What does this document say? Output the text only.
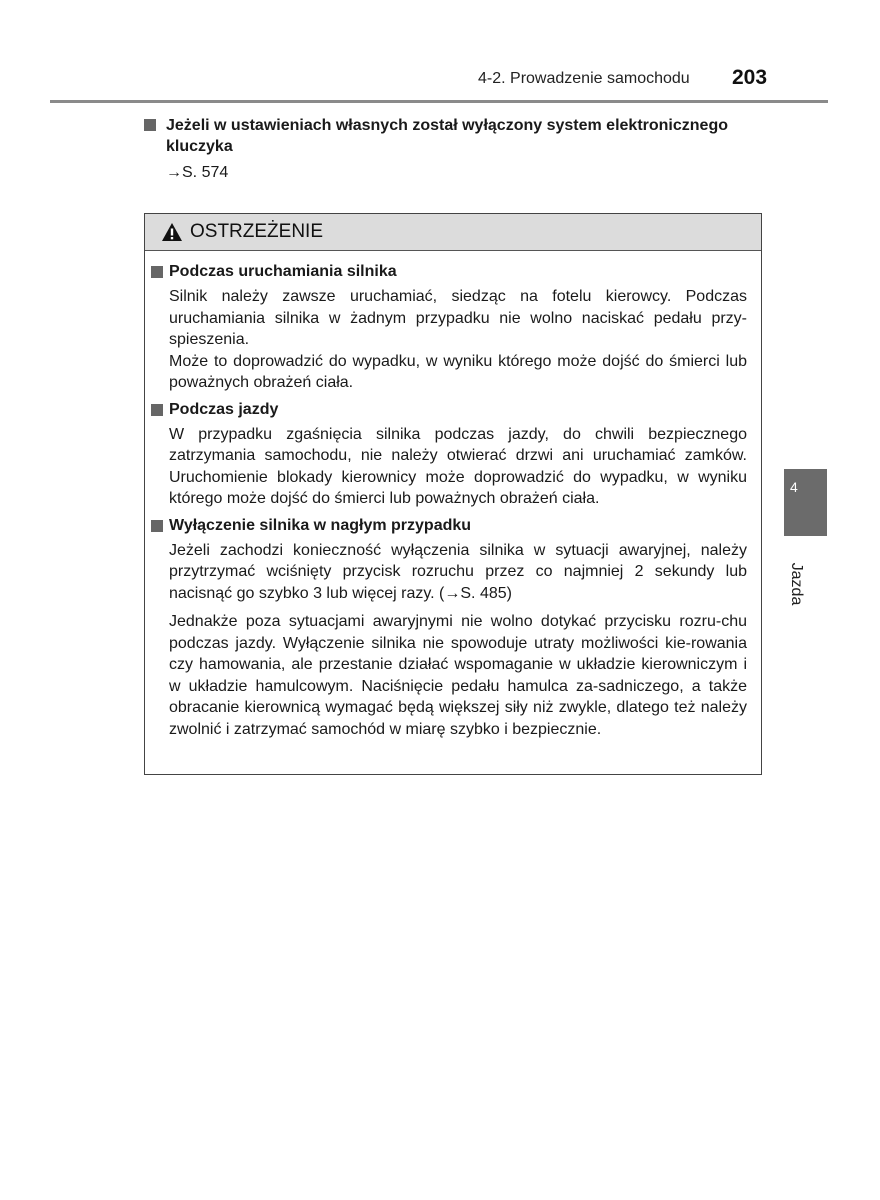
4-2. Prowadzenie samochodu 203
Jeżeli w ustawieniach własnych został wyłączony system elektronicznego kluczyka
→S. 574
OSTRZEŻENIE
Podczas uruchamiania silnika
Silnik należy zawsze uruchamiać, siedząc na fotelu kierowcy. Podczas uruchamiania silnika w żadnym przypadku nie wolno naciskać pedału przy-spieszenia.
Może to doprowadzić do wypadku, w wyniku którego może dojść do śmierci lub poważnych obrażeń ciała.
Podczas jazdy
W przypadku zgaśnięcia silnika podczas jazdy, do chwili bezpiecznego zatrzymania samochodu, nie należy otwierać drzwi ani uruchamiać zamków. Uruchomienie blokady kierownicy może doprowadzić do wypadku, w wyniku którego może dojść do śmierci lub poważnych obrażeń ciała.
Wyłączenie silnika w nagłym przypadku
Jeżeli zachodzi konieczność wyłączenia silnika w sytuacji awaryjnej, należy przytrzymać wciśnięty przycisk rozruchu przez co najmniej 2 sekundy lub nacisnąć go szybko 3 lub więcej razy. (→S. 485)
Jednakże poza sytuacjami awaryjnymi nie wolno dotykać przycisku rozru-chu podczas jazdy. Wyłączenie silnika nie spowoduje utraty możliwości kie-rowania czy hamowania, ale przestanie działać wspomaganie w układzie kierowniczym i w układzie hamulcowym. Naciśnięcie pedału hamulca za-sadniczego, a także obracanie kierownicą wymagać będą większej siły niż zwykle, dlatego też należy zwolnić i zatrzymać samochód w miarę szybko i bezpiecznie.
4
Jazda
